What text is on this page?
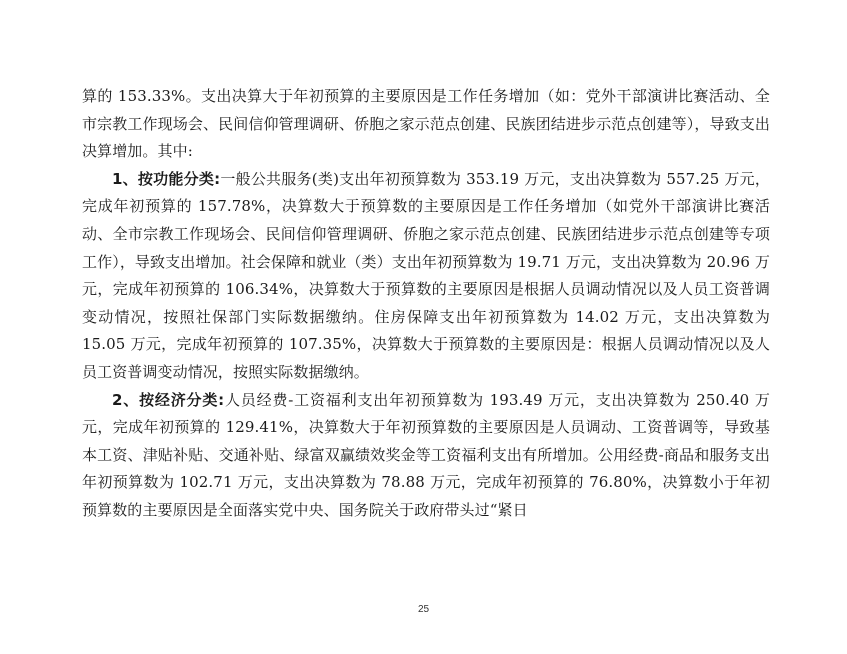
算的 153.33%。支出决算大于年初预算的主要原因是工作任务增加（如：党外干部演讲比赛活动、全市宗教工作现场会、民间信仰管理调研、侨胞之家示范点创建、民族团结进步示范点创建等），导致支出决算增加。其中:

1、按功能分类:一般公共服务(类)支出年初预算数为 353.19 万元，支出决算数为 557.25 万元，完成年初预算的 157.78%，决算数大于预算数的主要原因是工作任务增加（如党外干部演讲比赛活动、全市宗教工作现场会、民间信仰管理调研、侨胞之家示范点创建、民族团结进步示范点创建等专项工作），导致支出增加。社会保障和就业（类）支出年初预算数为 19.71 万元，支出决算数为 20.96 万元，完成年初预算的 106.34%，决算数大于预算数的主要原因是根据人员调动情况以及人员工资普调变动情况，按照社保部门实际数据缴纳。住房保障支出年初预算数为 14.02 万元，支出决算数为 15.05 万元，完成年初预算的 107.35%，决算数大于预算数的主要原因是：根据人员调动情况以及人员工资普调变动情况，按照实际数据缴纳。

2、按经济分类:人员经费-工资福利支出年初预算数为 193.49 万元，支出决算数为 250.40 万元，完成年初预算的 129.41%，决算数大于年初预算数的主要原因是人员调动、工资普调等，导致基本工资、津贴补贴、交通补贴、绿富双赢绩效奖金等工资福利支出有所增加。公用经费-商品和服务支出年初预算数为 102.71 万元，支出决算数为 78.88 万元，完成年初预算的 76.80%，决算数小于年初预算数的主要原因是全面落实党中央、国务院关于政府带头过“紧日

25
